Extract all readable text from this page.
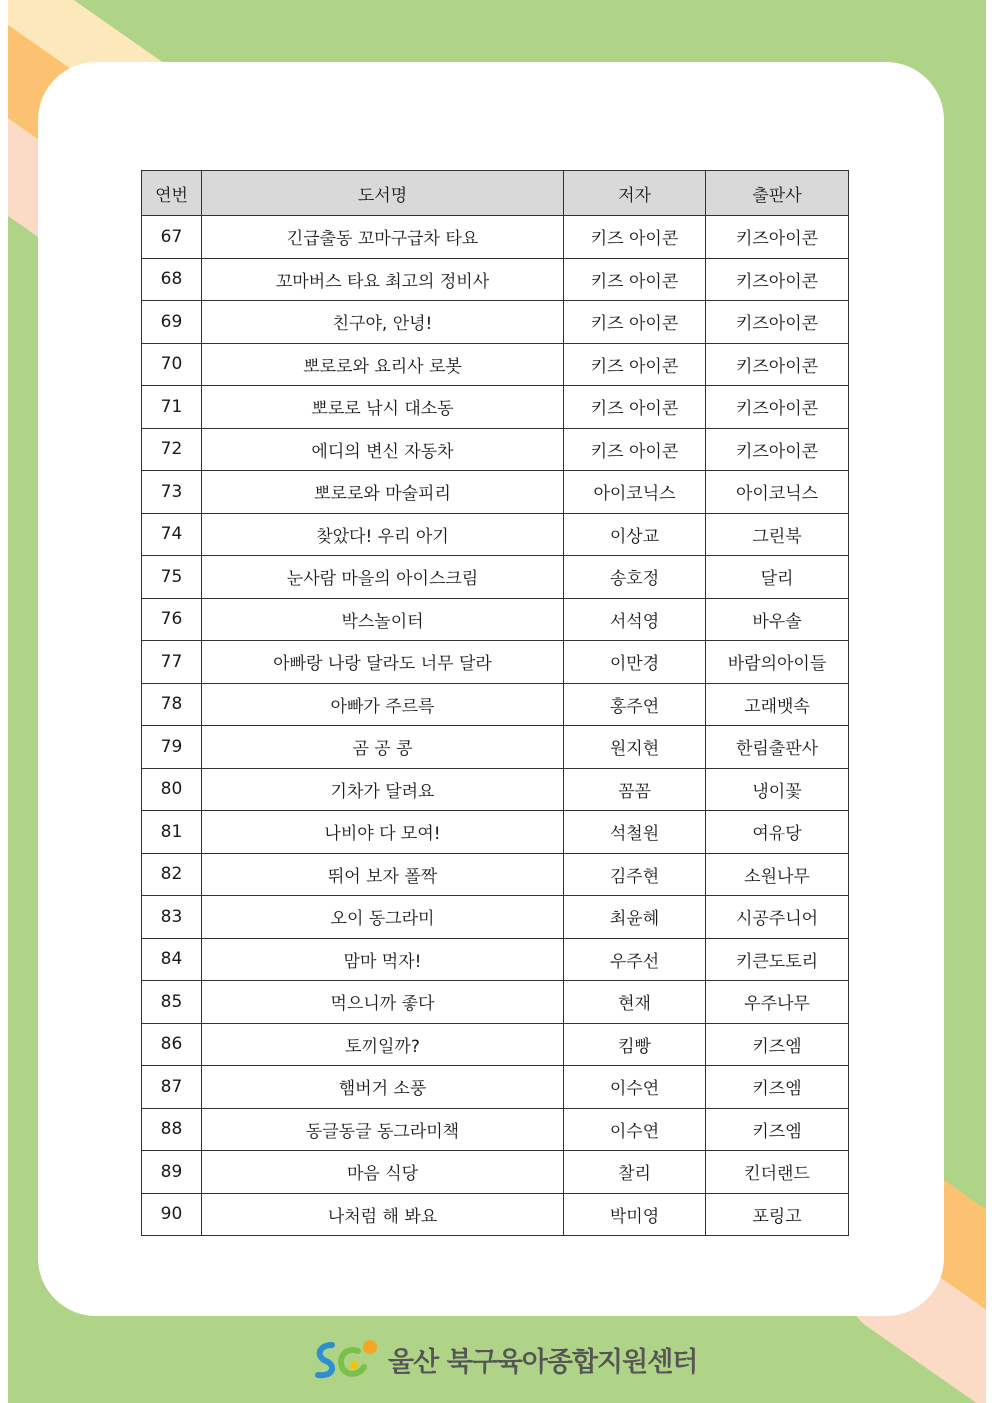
연번	도서명	저자	출판사
67	긴급출동 꼬마구급차 타요	키즈 아이콘	키즈아이콘
68	꼬마버스 타요 최고의 정비사	키즈 아이콘	키즈아이콘
69	친구야, 안녕!	키즈 아이콘	키즈아이콘
70	뽀로로와 요리사 로봇	키즈 아이콘	키즈아이콘
71	뽀로로 낚시 대소동	키즈 아이콘	키즈아이콘
72	에디의 변신 자동차	키즈 아이콘	키즈아이콘
73	뽀로로와 마술피리	아이코닉스	아이코닉스
74	찾았다! 우리 아기	이상교	그린북
75	눈사람 마을의 아이스크림	송호정	달리
76	박스놀이터	서석영	바우솔
77	아빠랑 나랑 달라도 너무 달라	이만경	바람의아이들
78	아빠가 주르륵	홍주연	고래뱃속
79	곰 공 콩	원지현	한림출판사
80	기차가 달려요	꼼꼼	냉이꽃
81	나비야 다 모여!	석철원	여유당
82	뛰어 보자 폴짝	김주현	소원나무
83	오이 동그라미	최윤혜	시공주니어
84	맘마 먹자!	우주선	키큰도토리
85	먹으니까 좋다	현재	우주나무
86	토끼일까?	킴빵	키즈엠
87	햄버거 소풍	이수연	키즈엠
88	동글동글 동그라미책	이수연	키즈엠
89	마음 식당	찰리	킨더랜드
90	나처럼 해 봐요	박미영	포링고
울산 북구육아종합지원센터
